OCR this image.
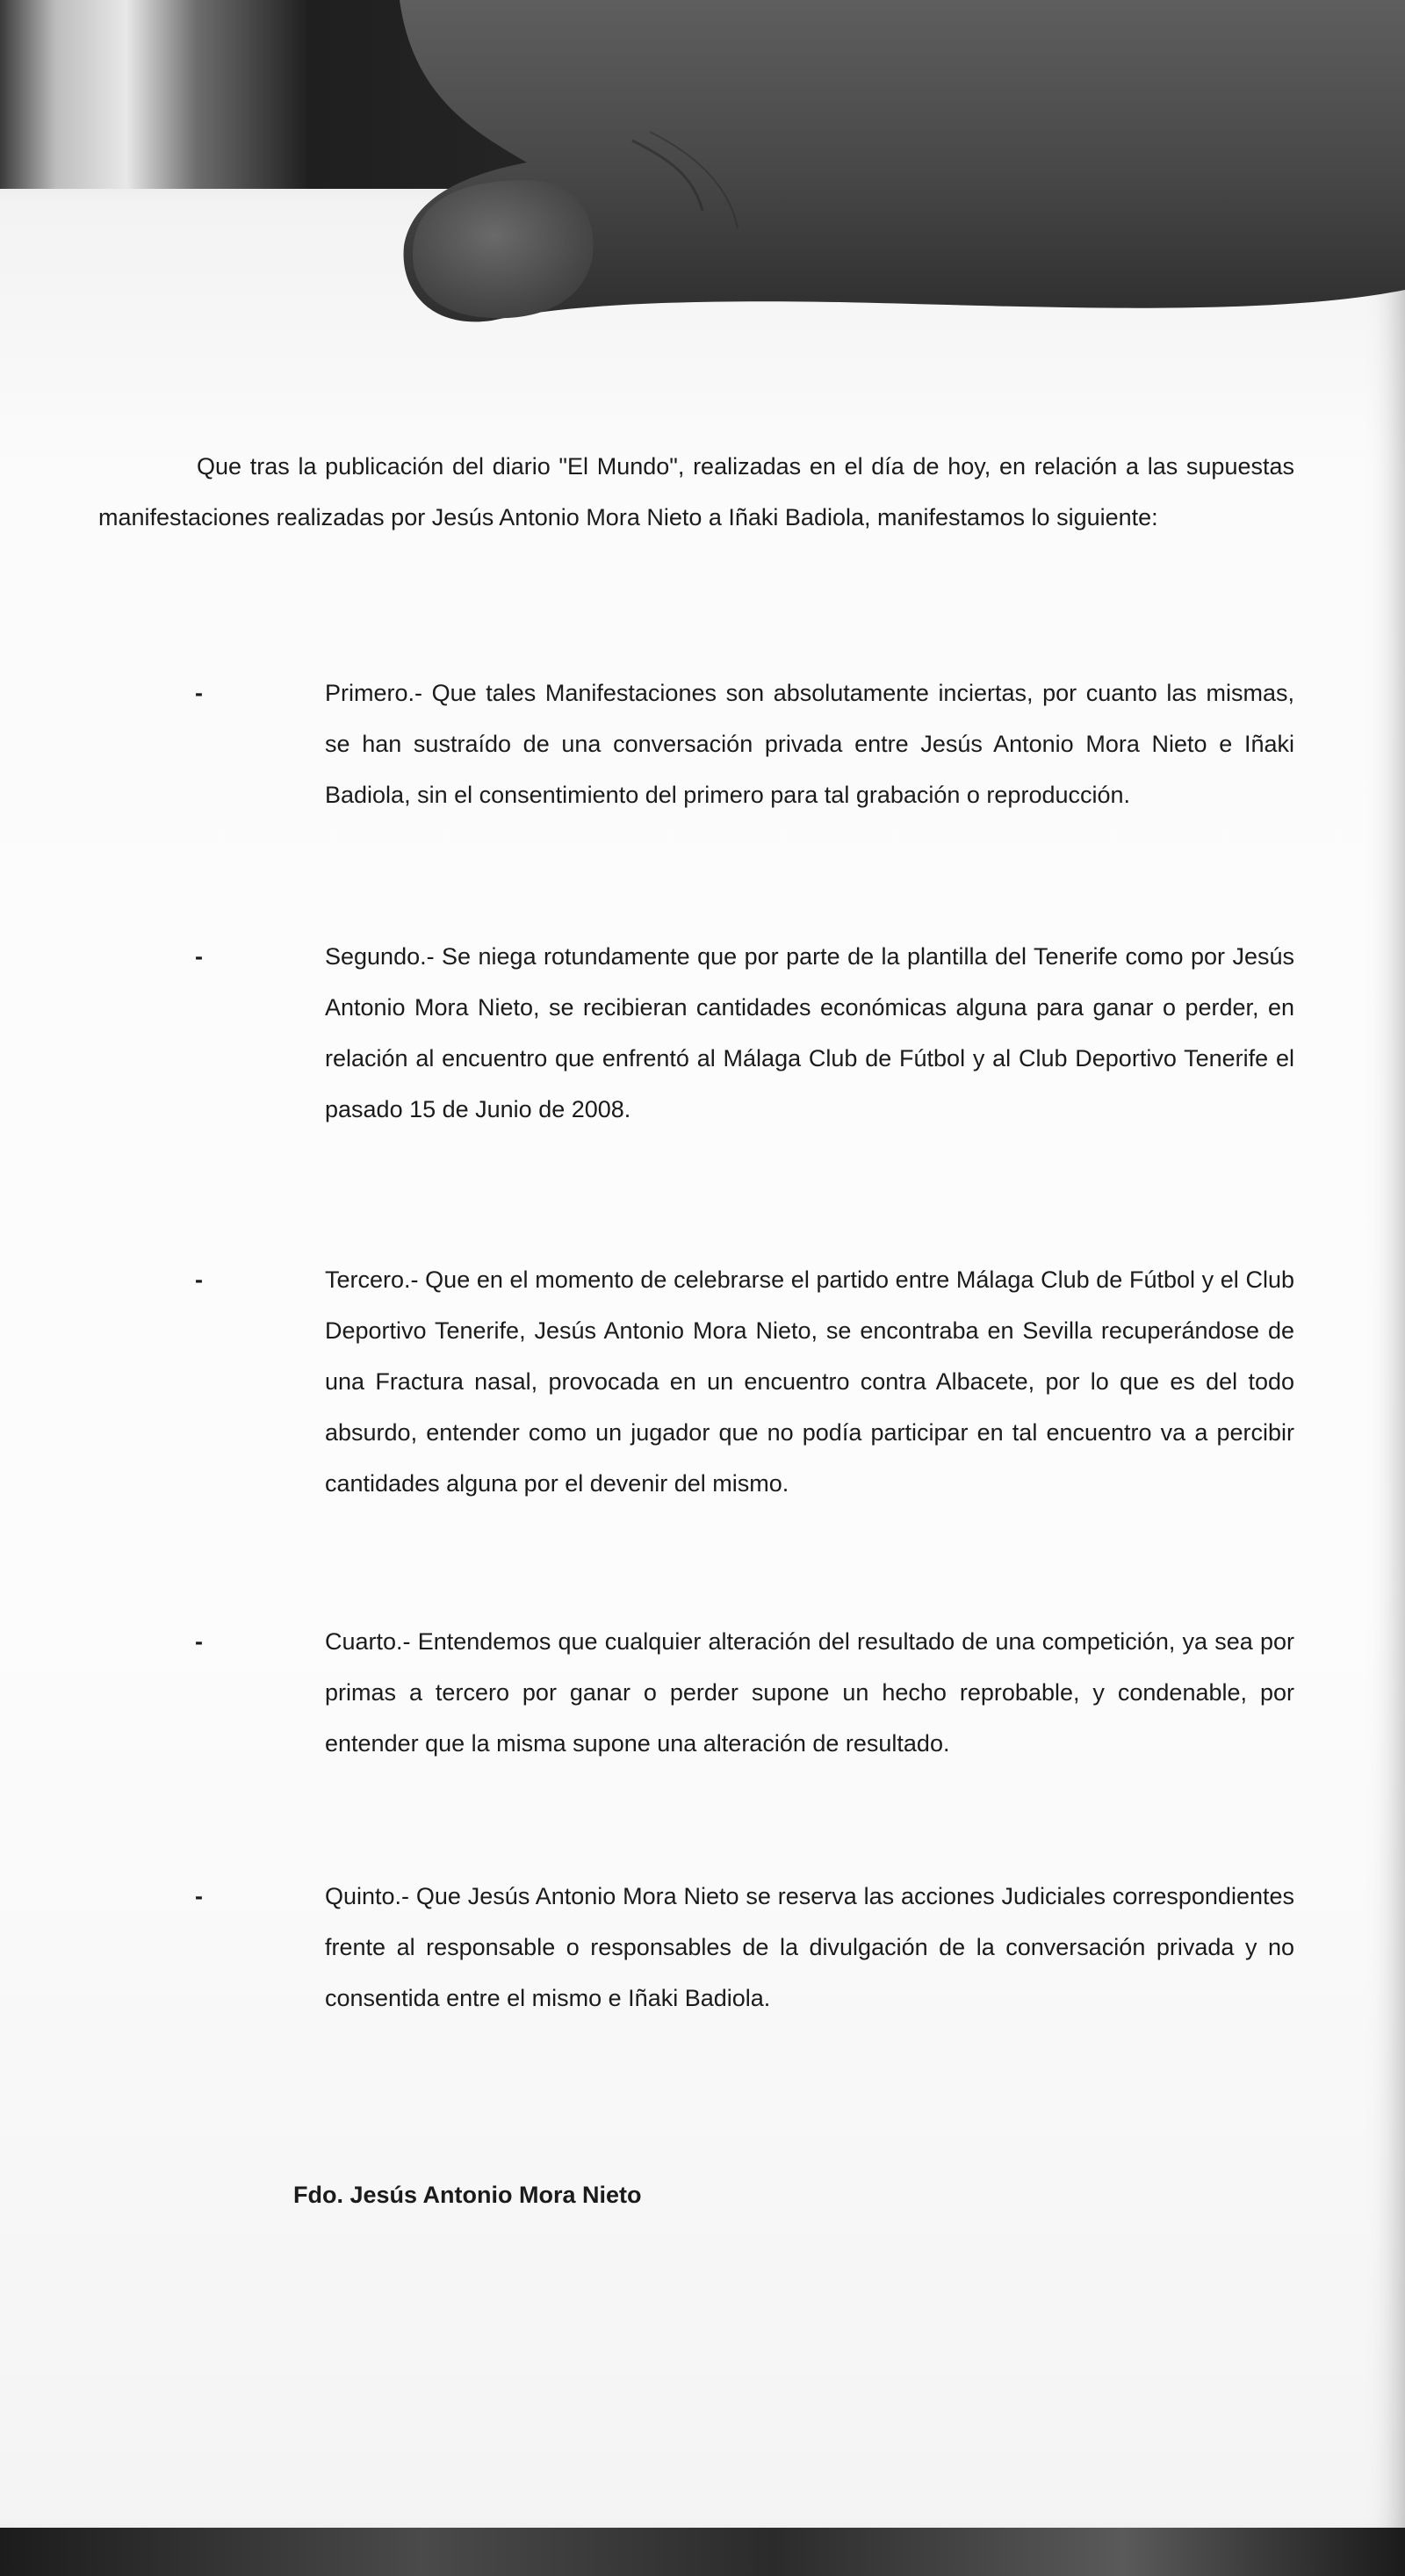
Que tras la publicación del diario "El Mundo", realizadas en el día de hoy, en relación a las supuestas manifestaciones realizadas por Jesús Antonio Mora Nieto a Iñaki Badiola, manifestamos lo siguiente:

-	Primero.- Que tales Manifestaciones son absolutamente inciertas, por cuanto las mismas, se han sustraído de una conversación privada entre Jesús Antonio Mora Nieto e Iñaki Badiola, sin el consentimiento del primero para tal grabación o reproducción.

-	Segundo.- Se niega rotundamente que por parte de la plantilla del Tenerife como por Jesús Antonio Mora Nieto, se recibieran cantidades económicas alguna para ganar o perder, en relación al encuentro que enfrentó al Málaga Club de Fútbol y al Club Deportivo Tenerife el pasado 15 de Junio de 2008.

-	Tercero.- Que en el momento de celebrarse el partido entre Málaga Club de Fútbol y el Club Deportivo Tenerife, Jesús Antonio Mora Nieto, se encontraba en Sevilla recuperándose de una Fractura nasal, provocada en un encuentro contra Albacete, por lo que es del todo absurdo, entender como un jugador que no podía participar en tal encuentro va a percibir cantidades alguna por el devenir del mismo.

-	Cuarto.- Entendemos que cualquier alteración del resultado de una competición, ya sea por primas a tercero por ganar o perder supone un hecho reprobable, y condenable, por entender que la misma supone una alteración de resultado.

-	Quinto.- Que Jesús Antonio Mora Nieto se reserva las acciones Judiciales correspondientes frente al responsable o responsables de la divulgación de la conversación privada y no consentida entre el mismo e Iñaki Badiola.

Fdo. Jesús Antonio Mora Nieto
